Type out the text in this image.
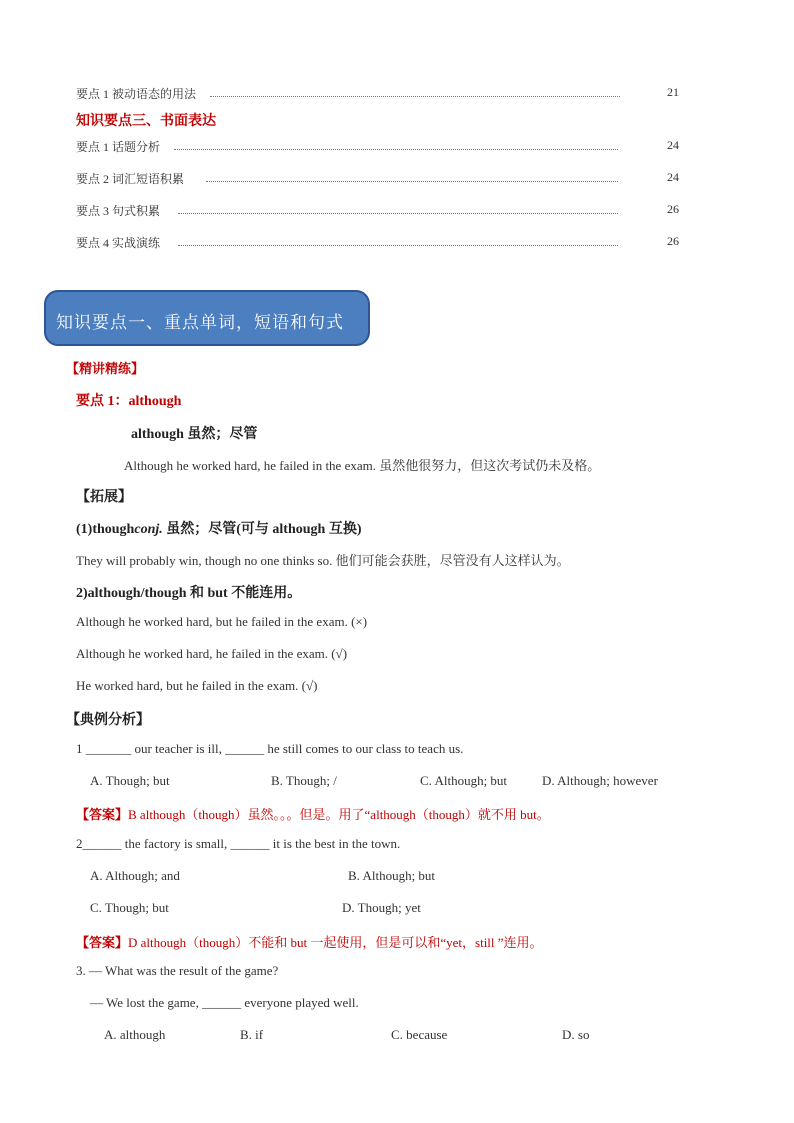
要点 1 被动语态的用法	21
知识要点三、书面表达
要点 1 话题分析	24
要点 2 词汇短语积累	24
要点 3 句式积累	26
要点 4 实战演练	26
知识要点一、重点单词，短语和句式
【精讲精练】
要点 1：although
although 虽然；尽管
Although he worked hard, he failed in the exam. 虽然他很努力，但这次考试仍未及格。
【拓展】
(1)thoughconj. 虽然；尽管(可与 although 互换)
They will probably win, though no one thinks so. 他们可能会获胜，尽管没有人这样认为。
2)although/though 和 but 不能连用。
Although he worked hard, but he failed in the exam. (×)
Although he worked hard, he failed in the exam. (√)
He worked hard, but he failed in the exam. (√)
【典例分析】
1 _______ our teacher is ill, ______ he still comes to our class to teach us.
A. Though; but	B. Though; /	C. Although; but	D. Although; however
【答案】B although（though）虽然。。。但是。用了“although（though）就不用 but。
2______ the factory is small, ______ it is the best in the town.
A. Although; and	B. Although; but
C. Though; but	D. Though; yet
【答案】D although（though）不能和 but 一起使用，但是可以和“yet，still ”连用。
3. — What was the result of the game?
— We lost the game, ______ everyone played well.
A. although	B. if	C. because	D. so
